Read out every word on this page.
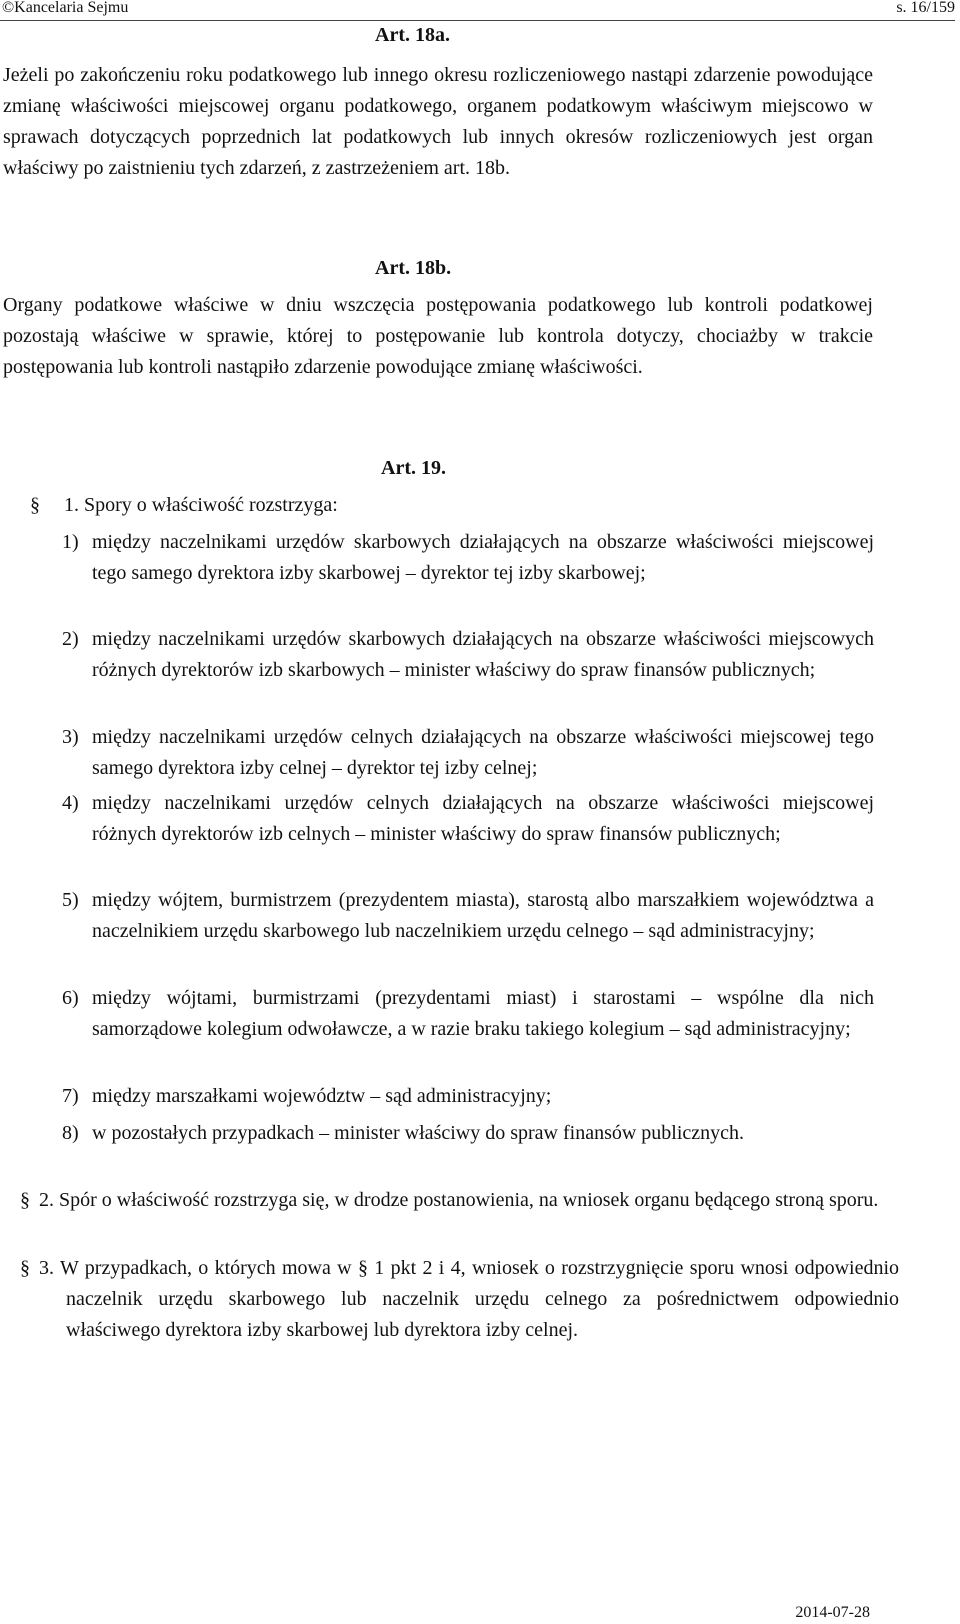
©Kancelaria Sejmu	s. 16/159
Art. 18a.

Jeżeli po zakończeniu roku podatkowego lub innego okresu rozliczeniowego nastąpi zdarzenie powodujące zmianę właściwości miejscowej organu podatkowego, organem podatkowym właściwym miejscowo w sprawach dotyczących poprzednich lat podatkowych lub innych okresów rozliczeniowych jest organ właściwy po zaistnieniu tych zdarzeń, z zastrzeżeniem art. 18b.

Art. 18b.

Organy podatkowe właściwe w dniu wszczęcia postępowania podatkowego lub kontroli podatkowej pozostają właściwe w sprawie, której to postępowanie lub kontrola dotyczy, chociażby w trakcie postępowania lub kontroli nastąpiło zdarzenie powodujące zmianę właściwości.

Art. 19.
§ 1. Spory o właściwość rozstrzyga:
1) między naczelnikami urzędów skarbowych działających na obszarze właściwości miejscowej tego samego dyrektora izby skarbowej – dyrektor tej izby skarbowej;
2) między naczelnikami urzędów skarbowych działających na obszarze właściwości miejscowych różnych dyrektorów izb skarbowych – minister właściwy do spraw finansów publicznych;
3) między naczelnikami urzędów celnych działających na obszarze właściwości miejscowej tego samego dyrektora izby celnej – dyrektor tej izby celnej;
4) między naczelnikami urzędów celnych działających na obszarze właściwości miejscowej różnych dyrektorów izb celnych – minister właściwy do spraw finansów publicznych;
5) między wójtem, burmistrzem (prezydentem miasta), starostą albo marszałkiem województwa a naczelnikiem urzędu skarbowego lub naczelnikiem urzędu celnego – sąd administracyjny;
6) między wójtami, burmistrzami (prezydentami miast) i starostami – wspólne dla nich samorządowe kolegium odwoławcze, a w razie braku takiego kolegium – sąd administracyjny;
7) między marszałkami województw – sąd administracyjny;
8) w pozostałych przypadkach – minister właściwy do spraw finansów publicznych.
§ 2. Spór o właściwość rozstrzyga się, w drodze postanowienia, na wniosek organu będącego stroną sporu.

§ 3. W przypadkach, o których mowa w § 1 pkt 2 i 4, wniosek o rozstrzygnięcie sporu wnosi odpowiednio naczelnik urzędu skarbowego lub naczelnik urzędu celnego za pośrednictwem odpowiednio właściwego dyrektora izby skarbowej lub dyrektora izby celnej.

2014-07-28
